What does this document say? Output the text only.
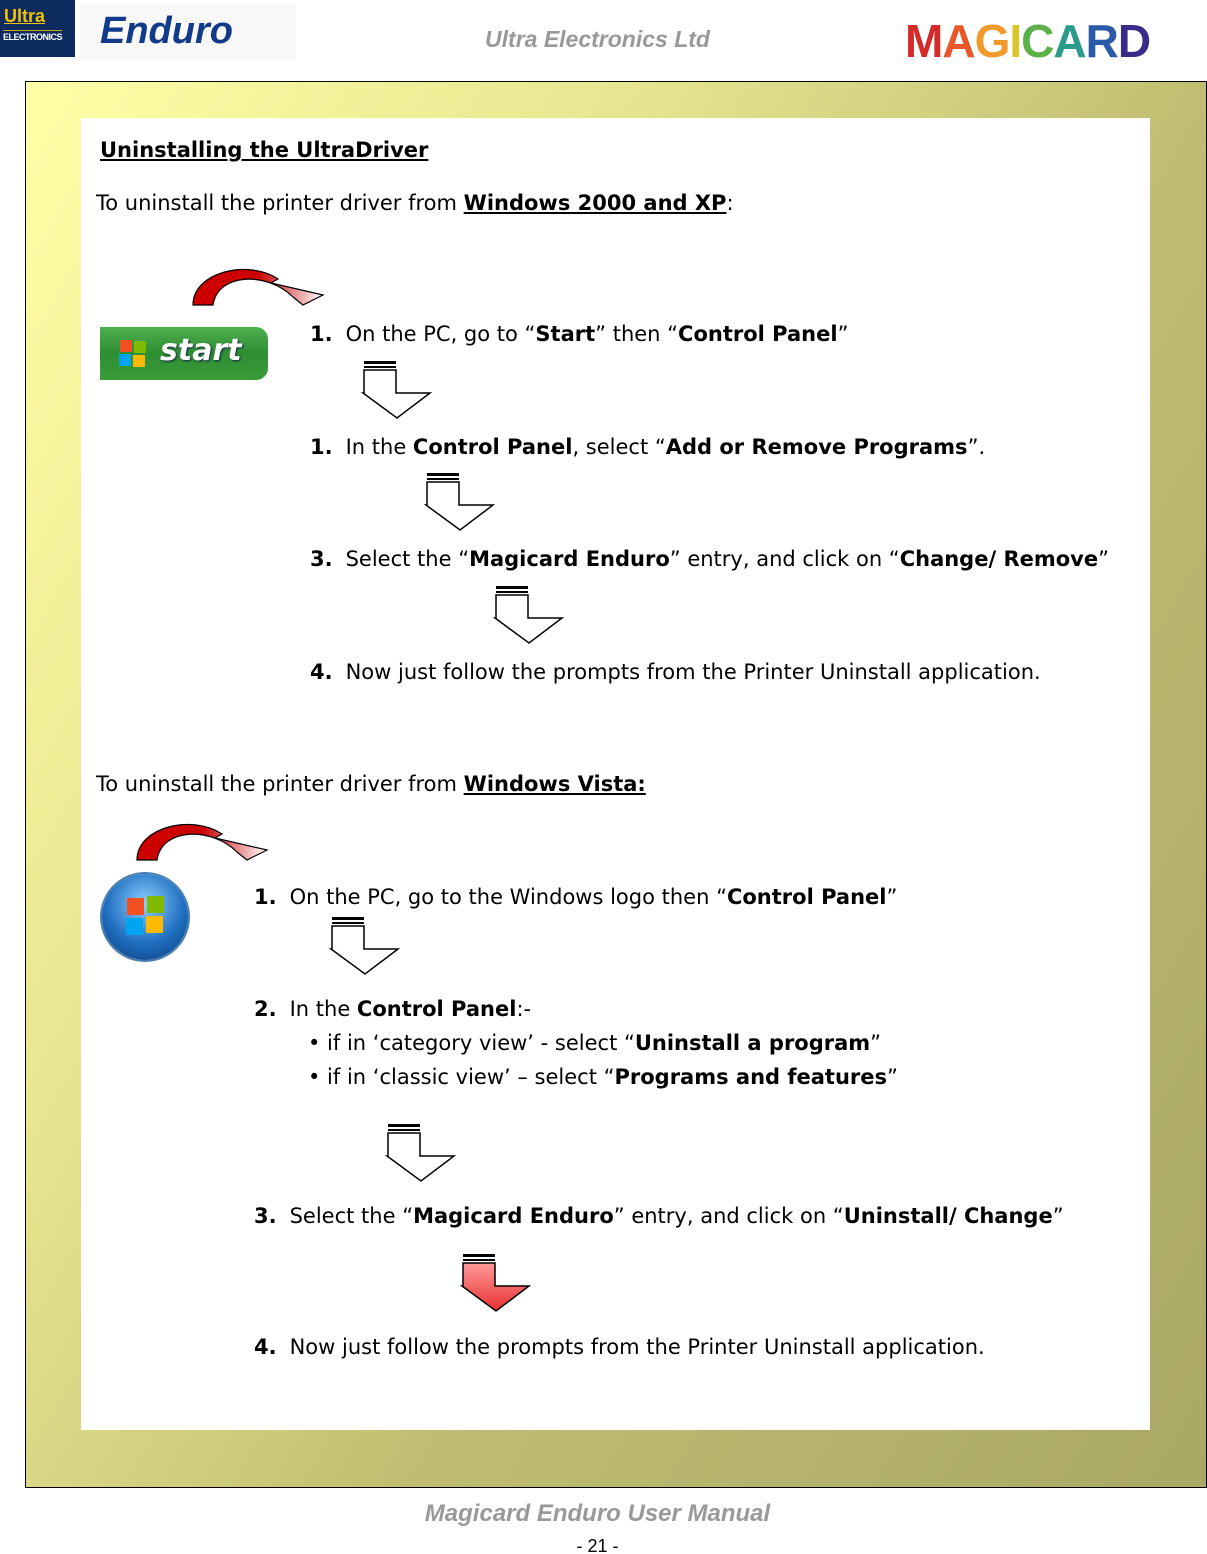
Ultra
ELECTRONICS Enduro	Ultra Electronics Ltd	MAGICARD
Uninstalling the UltraDriver
To uninstall the printer driver from Windows 2000 and XP:
start
To uninstall the printer driver from Windows Vista:
1. On the PC, go to “Start” then “Control Panel”
1. In the Control Panel, select “Add or Remove Programs”.
3. Select the “Magicard Enduro” entry, and click on “Change/ Remove”
4. Now just follow the prompts from the Printer Uninstall application.
1. On the PC, go to the Windows logo then “Control Panel”
2. In the Control Panel:-
3. Select the “Magicard Enduro” entry, and click on “Uninstall/ Change”
4. Now just follow the prompts from the Printer Uninstall application.
• if in ‘category view’ - select “Uninstall a program”
• if in ‘classic view’ – select “Programs and features”
Magicard Enduro User Manual
- 21 -
